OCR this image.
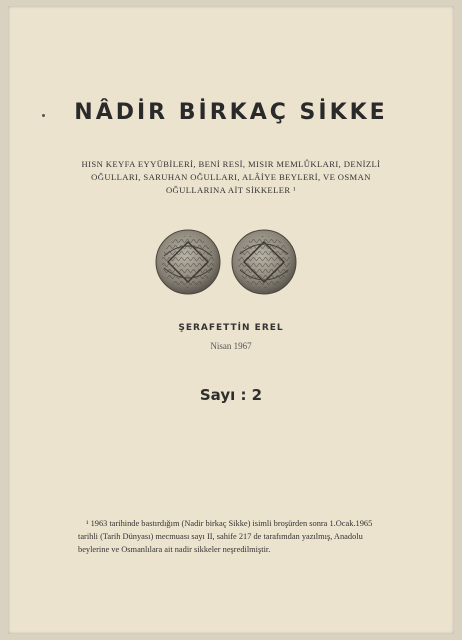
NÂDİR BİRKAÇ SİKKE
HISN KEYFA EYYÜBİLERİ, BENİ RESİ, MISIR MEMLÛKLARI, DENİZLİ
OĞULLARI, SARUHAN OĞULLARI, ALÂİYE BEYLERİ, VE OSMAN
OĞULLARINA AİT SİKKELER ¹
ŞERAFETTİN EREL
Nisan 1967
Sayı : 2
¹ 1963 tarihinde bastırdığım (Nadir birkaç Sikke) isimli broşürden sonra 1.Ocak.1965
tarihli (Tarih Dünyası) mecmuası sayı II, sahife 217 de tarafımdan yazılmış, Anadolu
beylerine ve Osmanlılara ait nadir sikkeler neşredilmiştir.
